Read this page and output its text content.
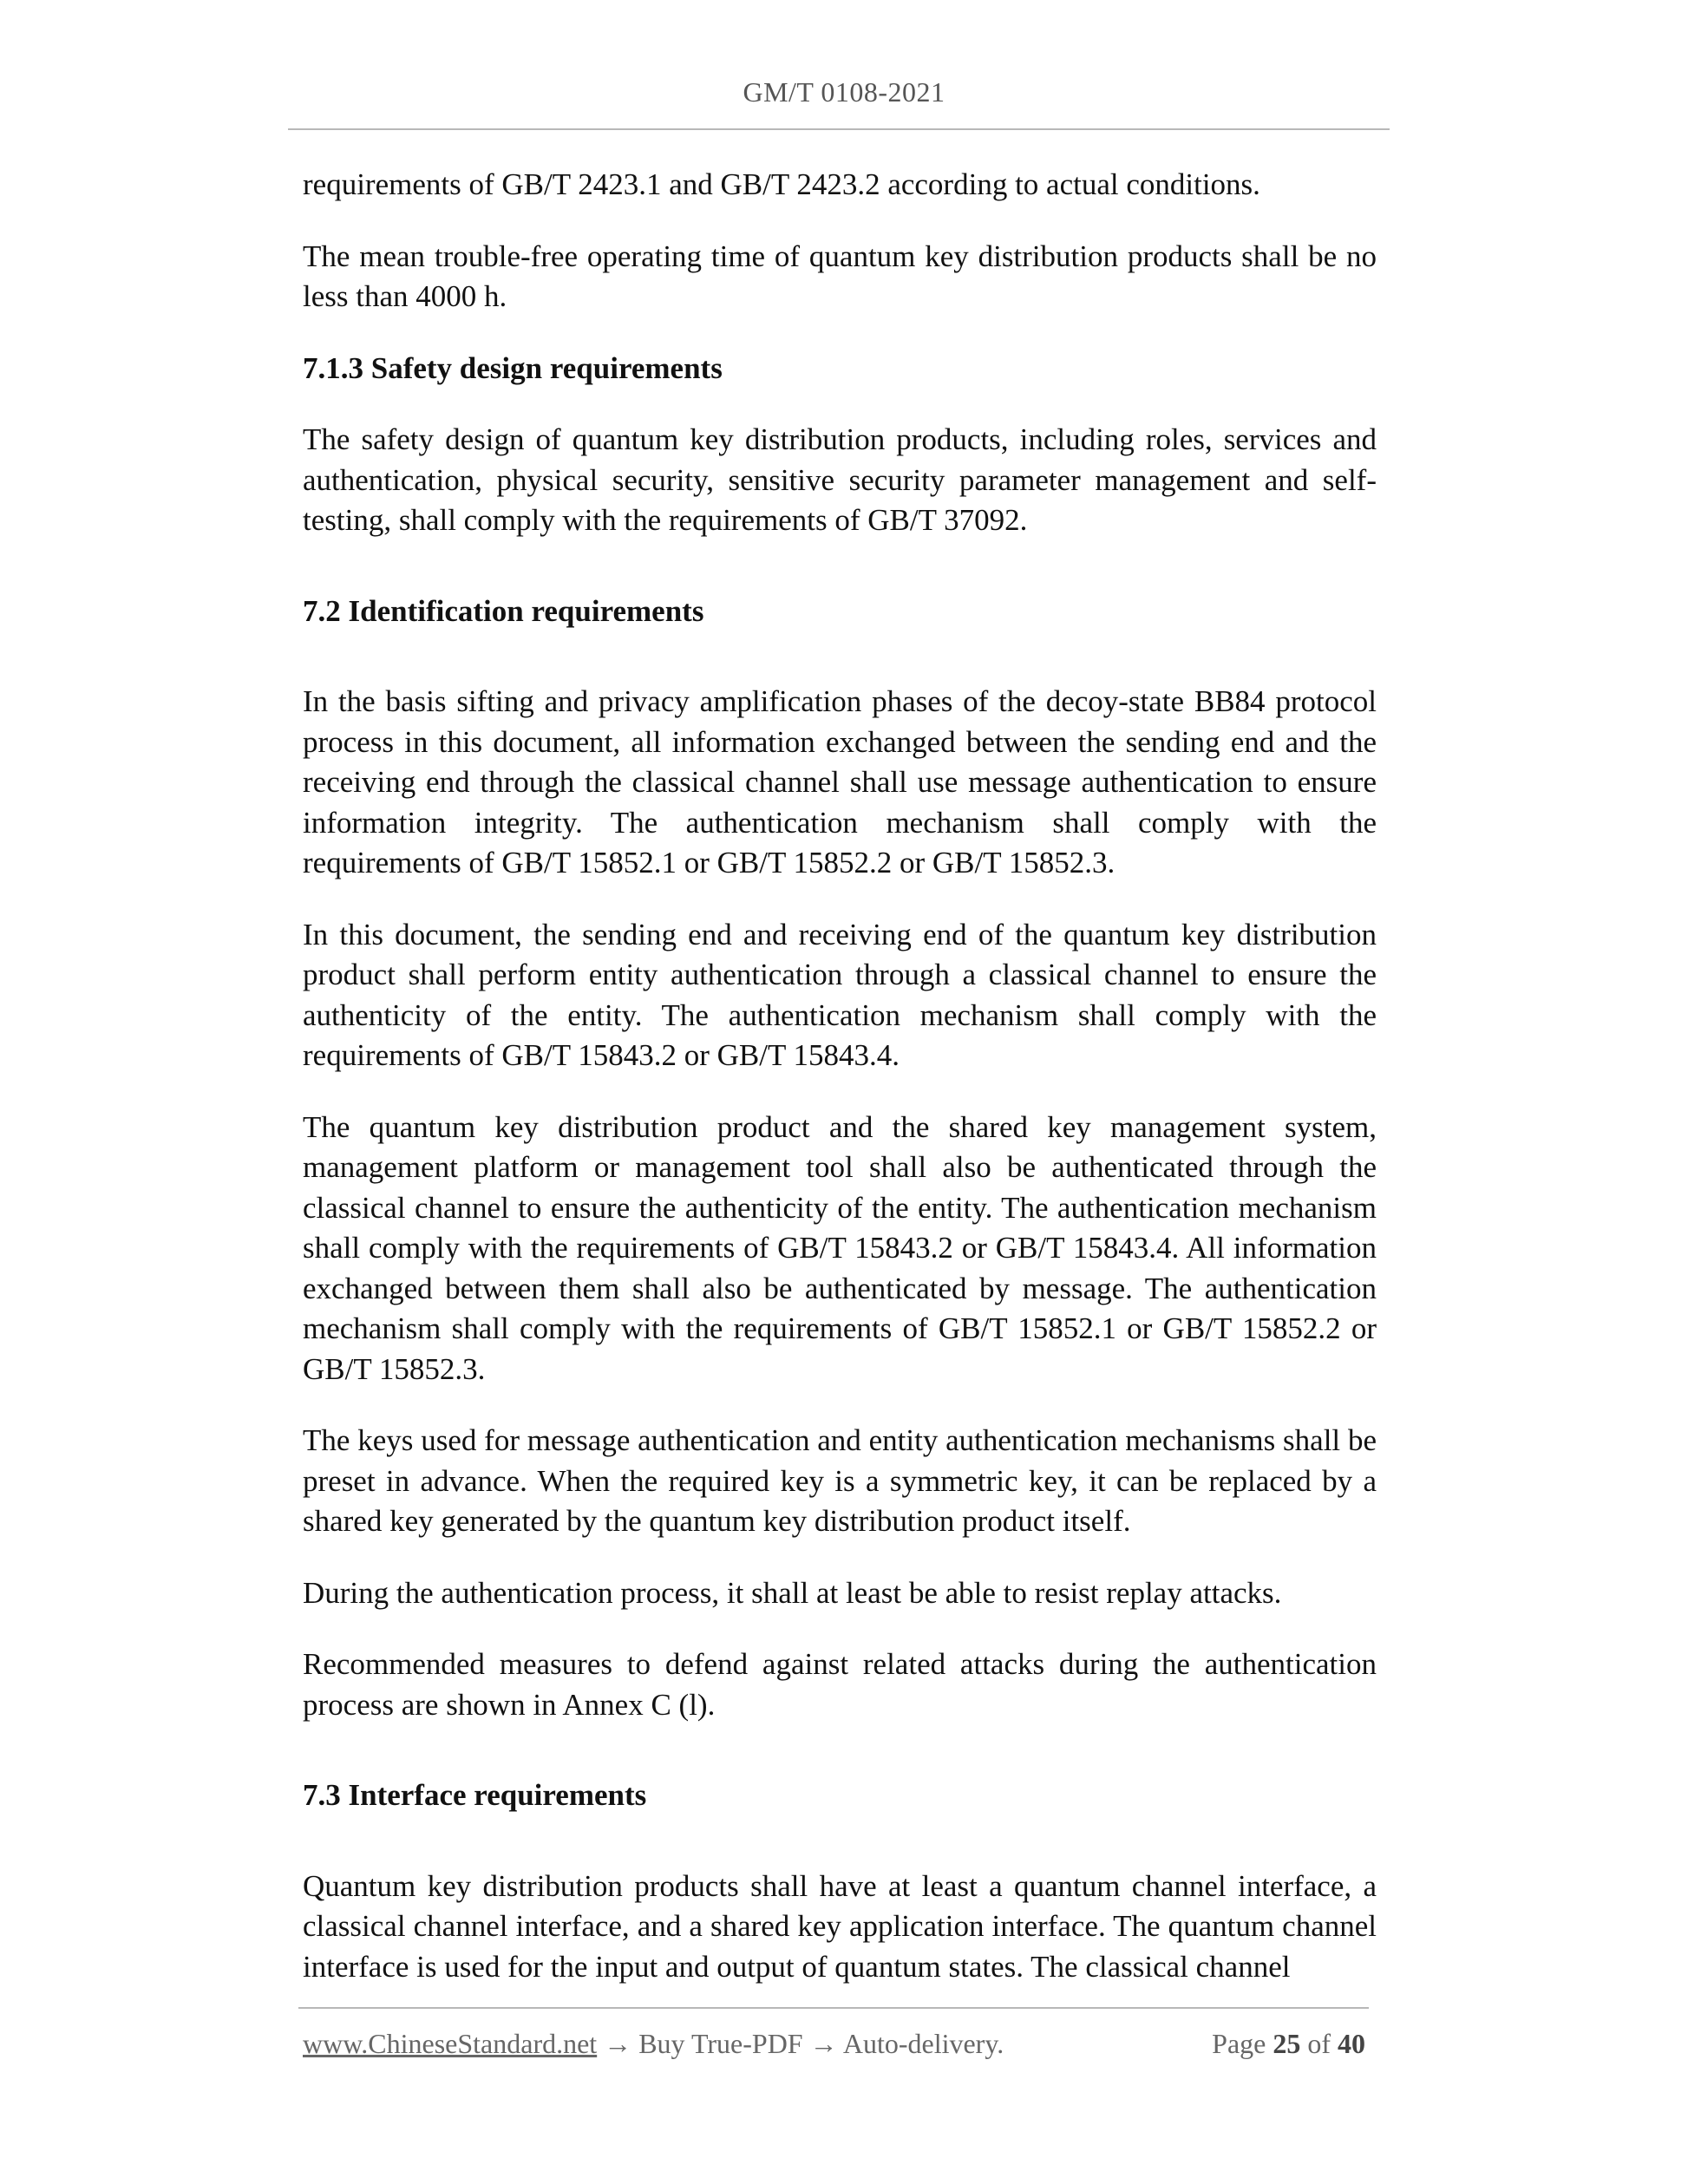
GM/T 0108-2021

requirements of GB/T 2423.1 and GB/T 2423.2 according to actual conditions.

The mean trouble-free operating time of quantum key distribution products shall be no less than 4000 h.

7.1.3 Safety design requirements

The safety design of quantum key distribution products, including roles, services and authentication, physical security, sensitive security parameter management and self-testing, shall comply with the requirements of GB/T 37092.

7.2 Identification requirements

In the basis sifting and privacy amplification phases of the decoy-state BB84 protocol process in this document, all information exchanged between the sending end and the receiving end through the classical channel shall use message authentication to ensure information integrity. The authentication mechanism shall comply with the requirements of GB/T 15852.1 or GB/T 15852.2 or GB/T 15852.3.

In this document, the sending end and receiving end of the quantum key distribution product shall perform entity authentication through a classical channel to ensure the authenticity of the entity. The authentication mechanism shall comply with the requirements of GB/T 15843.2 or GB/T 15843.4.

The quantum key distribution product and the shared key management system, management platform or management tool shall also be authenticated through the classical channel to ensure the authenticity of the entity. The authentication mechanism shall comply with the requirements of GB/T 15843.2 or GB/T 15843.4. All information exchanged between them shall also be authenticated by message. The authentication mechanism shall comply with the requirements of GB/T 15852.1 or GB/T 15852.2 or GB/T 15852.3.

The keys used for message authentication and entity authentication mechanisms shall be preset in advance. When the required key is a symmetric key, it can be replaced by a shared key generated by the quantum key distribution product itself.

During the authentication process, it shall at least be able to resist replay attacks.

Recommended measures to defend against related attacks during the authentication process are shown in Annex C (l).

7.3 Interface requirements

Quantum key distribution products shall have at least a quantum channel interface, a classical channel interface, and a shared key application interface. The quantum channel interface is used for the input and output of quantum states. The classical channel

www.ChineseStandard.net → Buy True-PDF → Auto-delivery.	Page 25 of 40
